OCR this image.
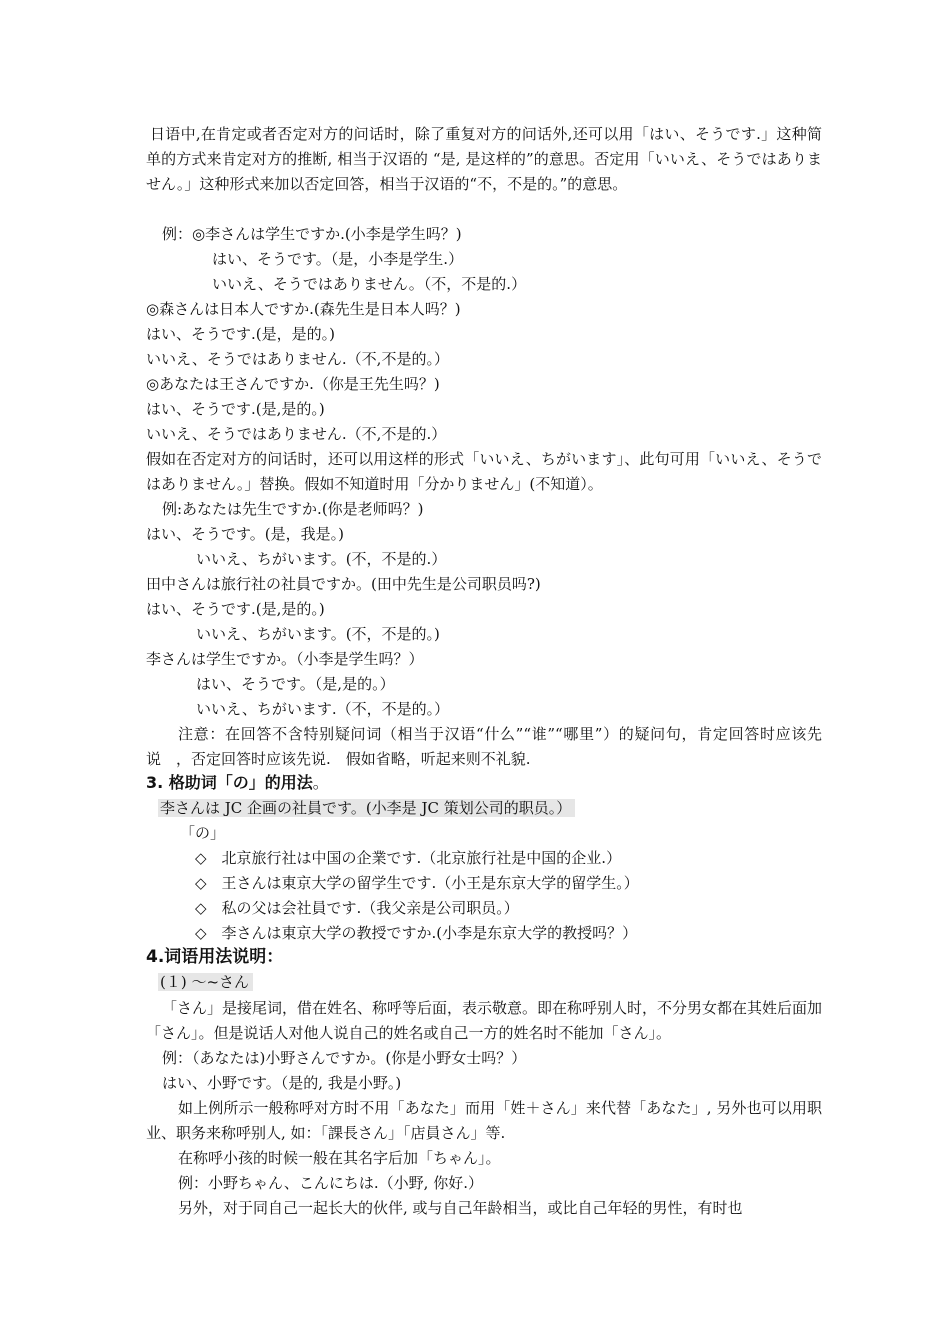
日语中,在肯定或者否定对方的问话时，除了重复对方的问话外,还可以用「はい、そうです.」这种简单的方式来肯定对方的推断, 相当于汉语的 “是, 是这样的”的意思。否定用「いいえ、そうではありません。」这种形式来加以否定回答，相当于汉语的“不，不是的。”的意思。
例：◎李さんは学生ですか.(小李是学生吗？)
はい、そうです。（是，小李是学生.）
いいえ、そうではありません。（不，不是的.）
◎森さんは日本人ですか.(森先生是日本人吗？)
はい、そうです.(是，是的。)
いいえ、そうではありません.（不,不是的。）
◎あなたは王さんですか.（你是王先生吗？)
はい、そうです.(是,是的。)
いいえ、そうではありません.（不,不是的.）
假如在否定对方的问话时，还可以用这样的形式「いいえ、ちがいます」、此句可用「いいえ、そうではありません。」替换。假如不知道时用「分かりません」(不知道）。
例:あなたは先生ですか.(你是老师吗？)
はい、そうです。(是，我是。)
いいえ、ちがいます。(不，不是的.）
田中さんは旅行社の社員ですか。(田中先生是公司职员吗?)
はい、そうです.(是,是的。)
いいえ、ちがいます。(不，不是的。)
李さんは学生ですか。（小李是学生吗？）
はい、そうです。（是,是的。）
いいえ、ちがいます.（不，不是的。）
注意：在回答不含特别疑问词（相当于汉语“什么”“谁”“哪里”）的疑问句，肯定回答时应该先说　，否定回答时应该先说.　假如省略，听起来则不礼貌.
3. 格助词「の」的用法。
李さんは JC 企画の社員です。(小李是 JC 策划公司的职员。）
「の」
◇　北京旅行社は中国の企業です.（北京旅行社是中国的企业.）
◇　王さんは東京大学の留学生です.（小王是东京大学的留学生。）
◇　私の父は会社員です.（我父亲是公司职员。）
◇　李さんは東京大学の教授ですか.(小李是东京大学的教授吗？）
4.词语用法说明：
(１) ～~さん
「さん」是接尾词，借在姓名、称呼等后面，表示敬意。即在称呼别人时，不分男女都在其姓后面加「さん」。但是说话人对他人说自己的姓名或自己一方的姓名时不能加「さん」。
例：（あなたは)小野さんですか。(你是小野女士吗？）
はい、小野です。（是的, 我是小野。)
如上例所示一般称呼对方时不用「あなた」而用「姓＋さん」来代替「あなた」, 另外也可以用职业、职务来称呼别人, 如：「課長さん」「店員さん」等.
在称呼小孩的时候一般在其名字后加「ちゃん」。
例：小野ちゃん、こんにちは.（小野, 你好.）
另外，对于同自己一起长大的伙伴, 或与自己年龄相当，或比自己年轻的男性，有时也
